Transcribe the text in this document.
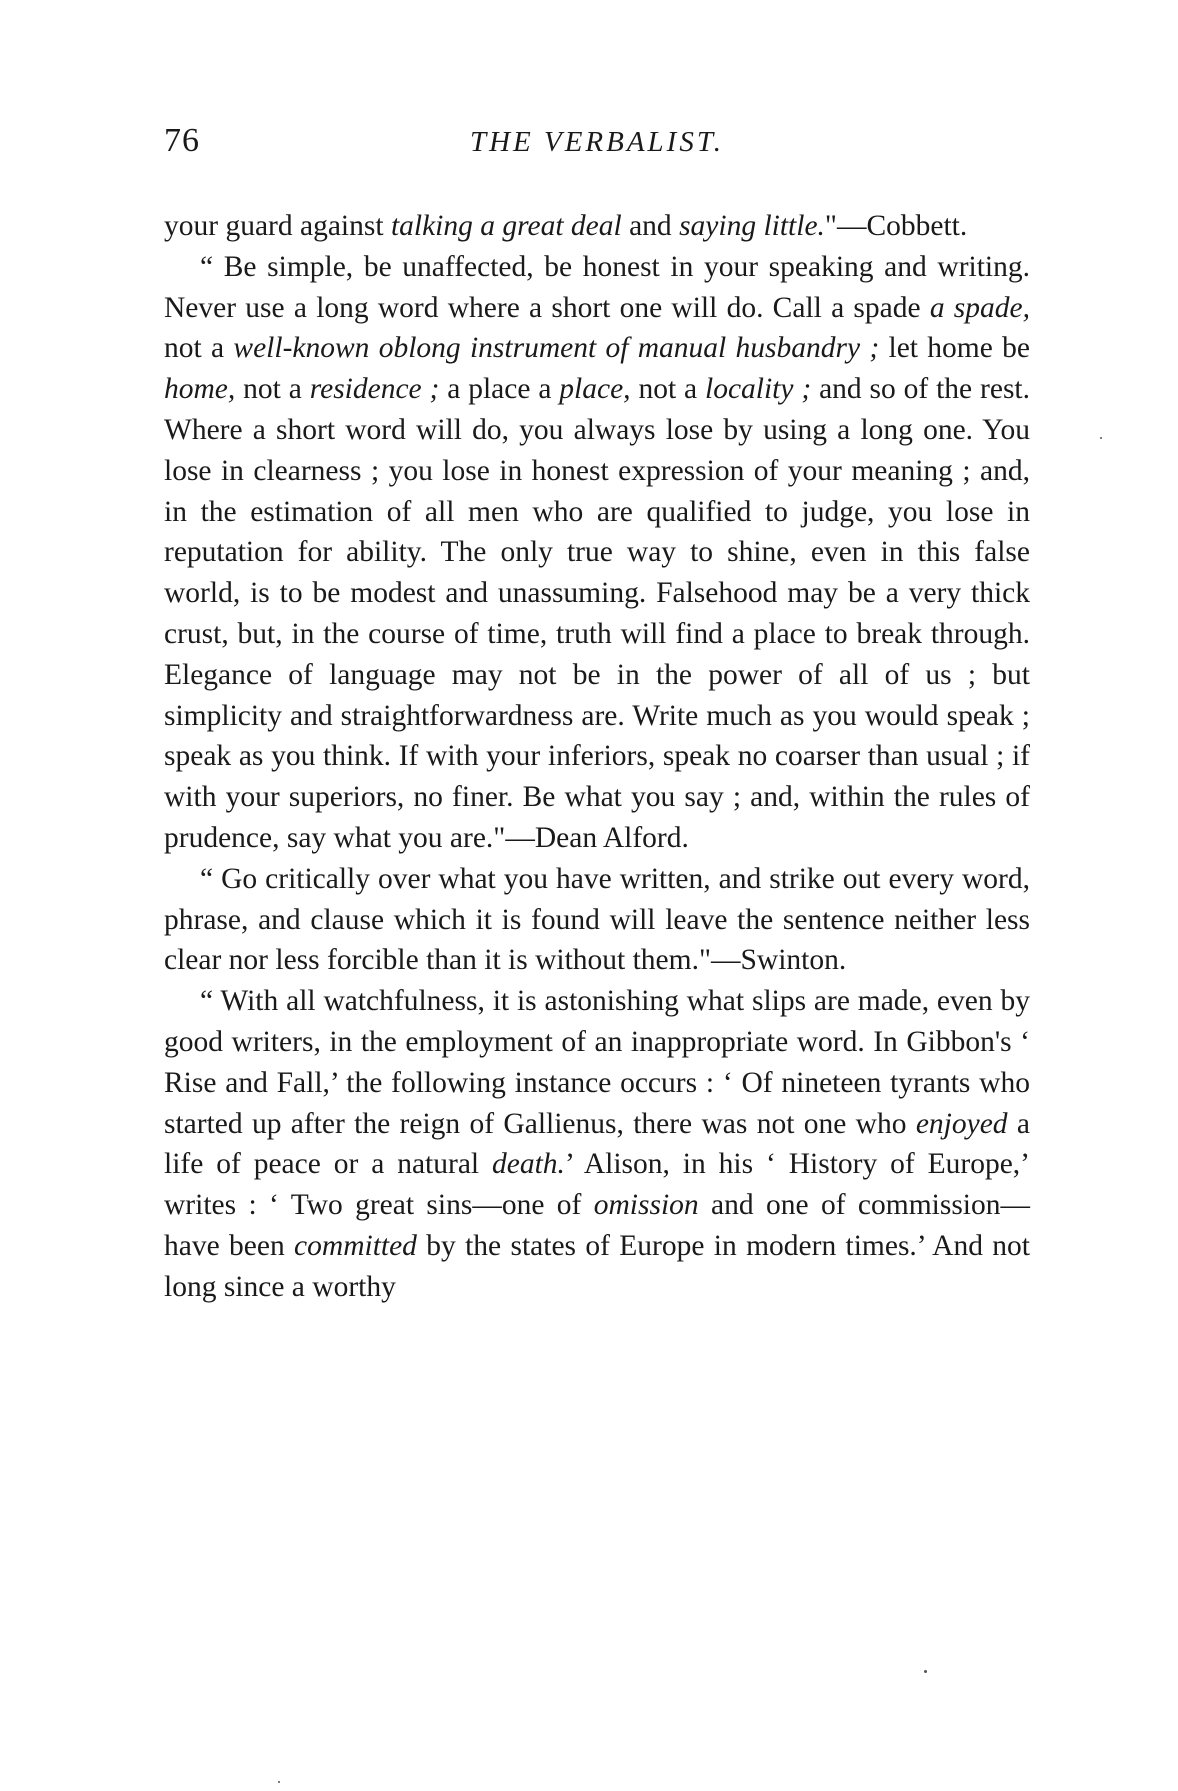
76	THE VERBALIST.

your guard against talking a great deal and saying little."—Cobbett.

“ Be simple, be unaffected, be honest in your speaking and writing. Never use a long word where a short one will do. Call a spade a spade, not a well-known oblong instrument of manual husbandry ; let home be home, not a residence ; a place a place, not a locality ; and so of the rest. Where a short word will do, you always lose by using a long one. You lose in clearness ; you lose in honest expression of your meaning ; and, in the estimation of all men who are qualified to judge, you lose in reputation for ability. The only true way to shine, even in this false world, is to be modest and unassuming. Falsehood may be a very thick crust, but, in the course of time, truth will find a place to break through. Elegance of language may not be in the power of all of us ; but simplicity and straightforwardness are. Write much as you would speak ; speak as you think. If with your inferiors, speak no coarser than usual ; if with your superiors, no finer. Be what you say ; and, within the rules of prudence, say what you are."—Dean Alford.

“ Go critically over what you have written, and strike out every word, phrase, and clause which it is found will leave the sentence neither less clear nor less forcible than it is without them."—Swinton.

“ With all watchfulness, it is astonishing what slips are made, even by good writers, in the employment of an inappropriate word. In Gibbon's ‘ Rise and Fall,’ the following instance occurs : ‘ Of nineteen tyrants who started up after the reign of Gallienus, there was not one who enjoyed a life of peace or a natural death.’ Alison, in his ‘ History of Europe,’ writes : ‘ Two great sins—one of omission and one of commission—have been committed by the states of Europe in modern times.’ And not long since a worthy
